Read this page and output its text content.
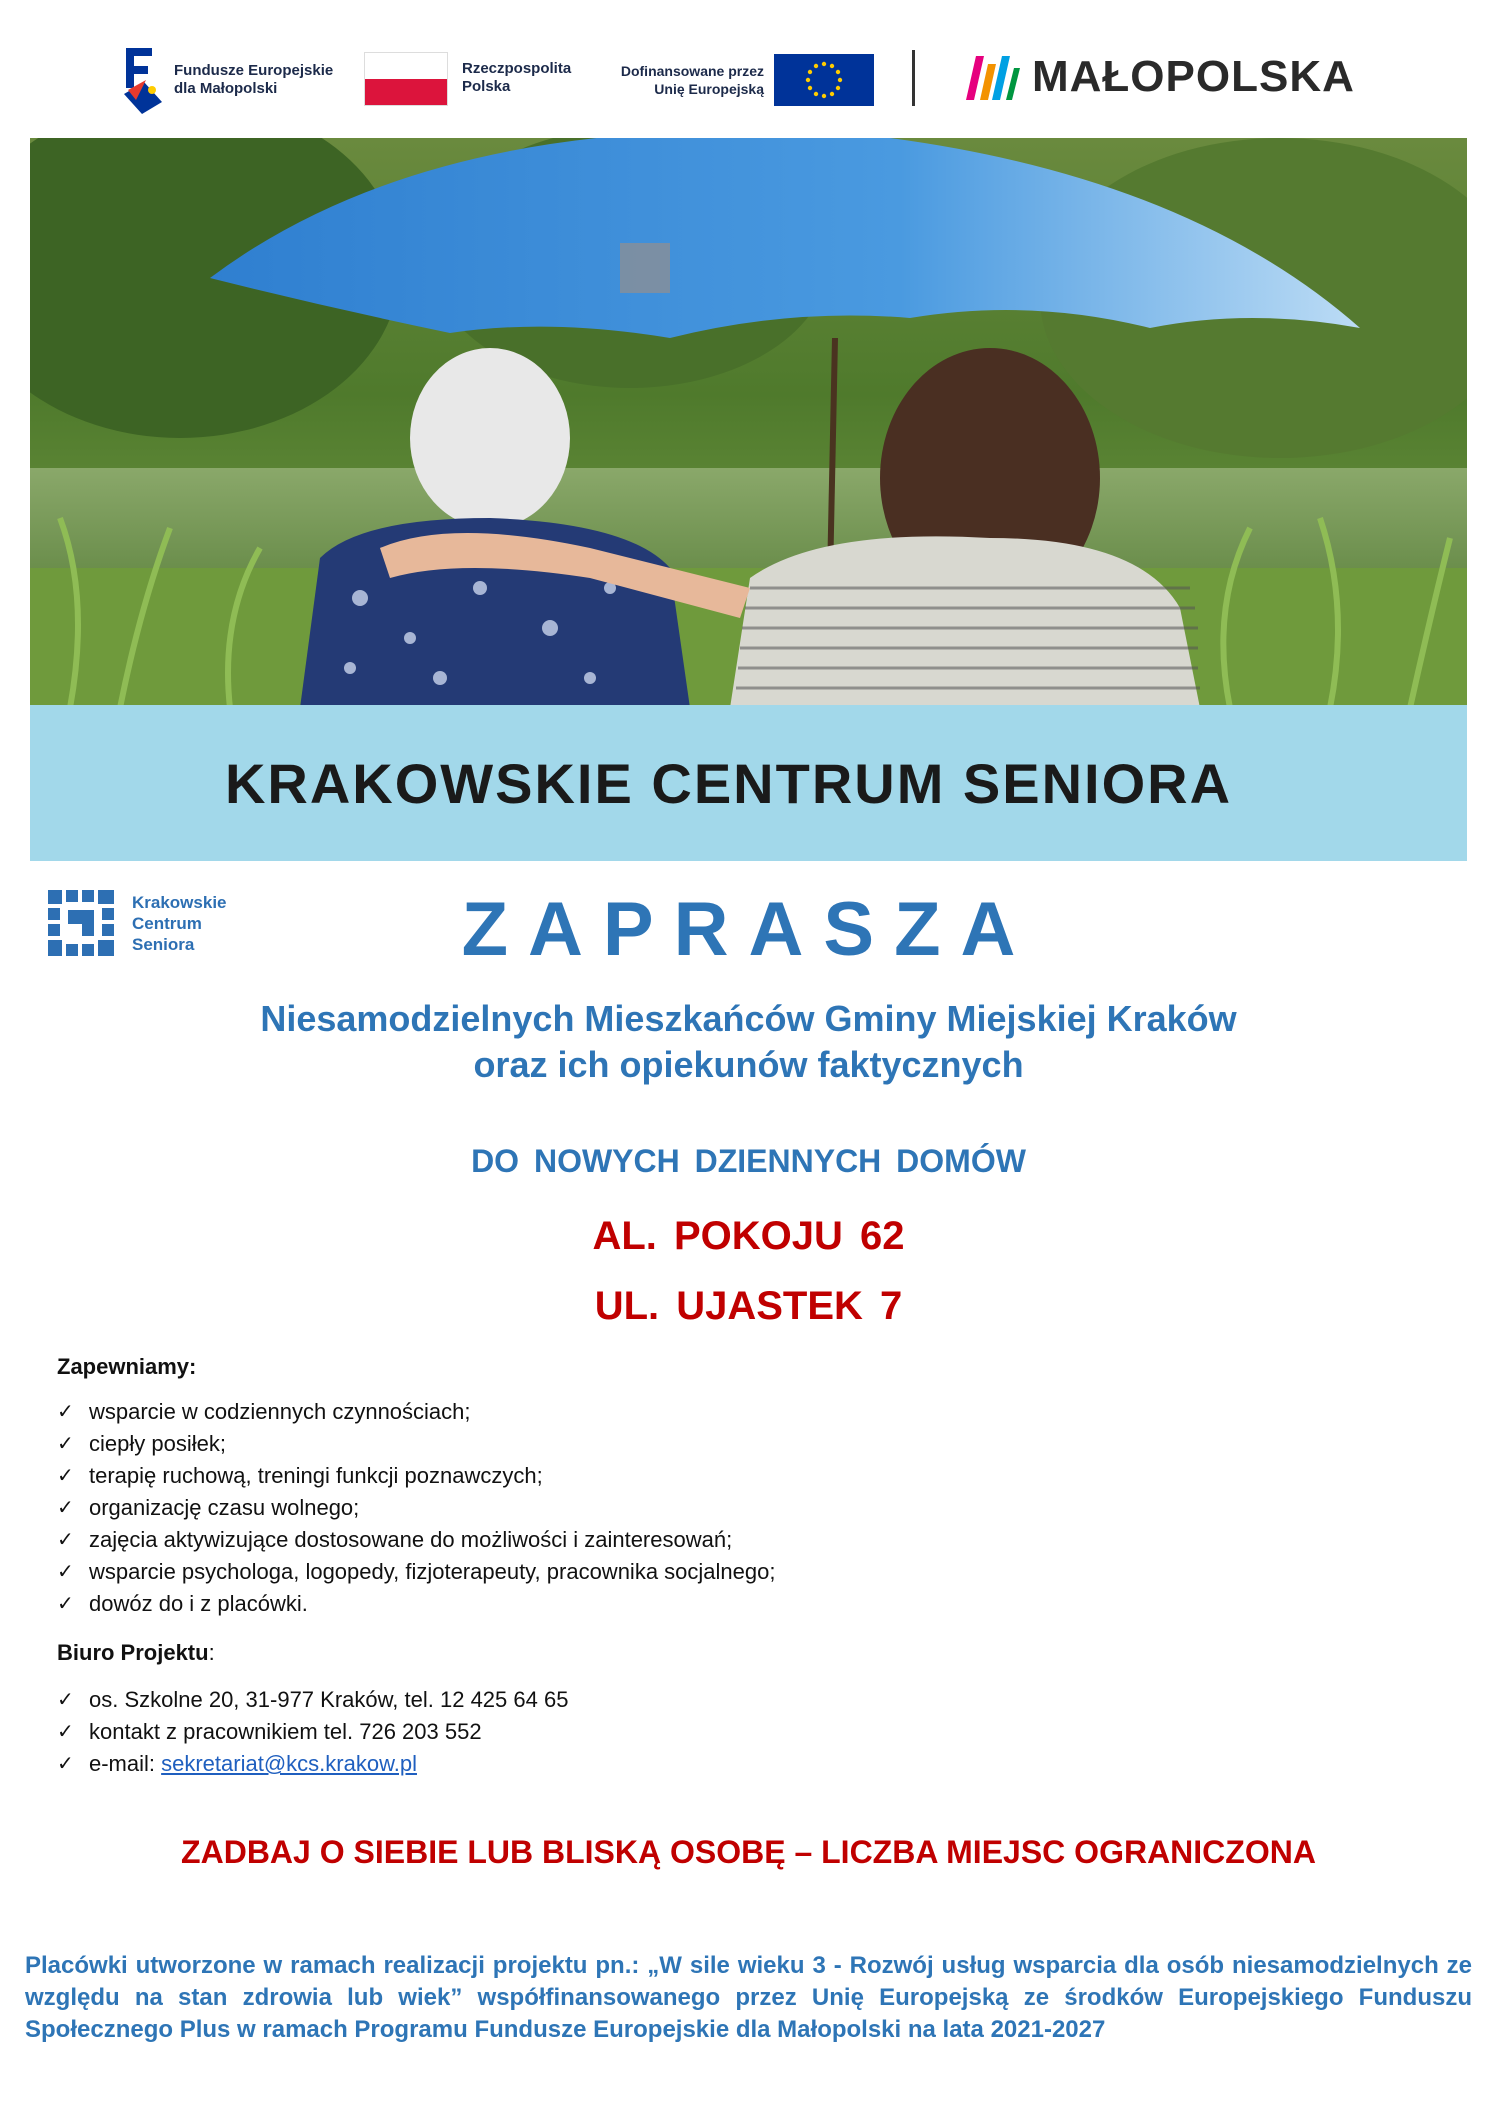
Fundusze Europejskie dla Małopolski
Rzeczpospolita Polska
Dofinansowane przez Unię Europejską	MAŁOPOLSKA
KRAKOWSKIE CENTRUM SENIORA
Krakowskie
Centrum
Seniora	ZAPRASZA
Niesamodzielnych Mieszkańców Gminy Miejskiej Kraków
oraz ich opiekunów faktycznych
DO NOWYCH DZIENNYCH DOMÓW
AL. POKOJU 62
UL. UJASTEK 7
Zapewniamy:
✓ wsparcie w codziennych czynnościach;
✓ ciepły posiłek;
✓ terapię ruchową, treningi funkcji poznawczych;
✓ organizację czasu wolnego;
✓ zajęcia aktywizujące dostosowane do możliwości i zainteresowań;
✓ wsparcie psychologa, logopedy, fizjoterapeuty, pracownika socjalnego;
✓ dowóz do i z placówki.
Biuro Projektu:
✓ os. Szkolne 20, 31-977 Kraków, tel. 12 425 64 65
✓ kontakt z pracownikiem tel. 726 203 552
✓ e-mail: sekretariat@kcs.krakow.pl
ZADBAJ O SIEBIE LUB BLISKĄ OSOBĘ – LICZBA MIEJSC OGRANICZONA
Placówki utworzone w ramach realizacji projektu pn.: „W sile wieku 3 - Rozwój usług wsparcia dla osób niesamodzielnych ze względu na stan zdrowia lub wiek” współfinansowanego przez Unię Europejską ze środków Europejskiego Funduszu Społecznego Plus w ramach Programu Fundusze Europejskie dla Małopolski na lata 2021-2027
